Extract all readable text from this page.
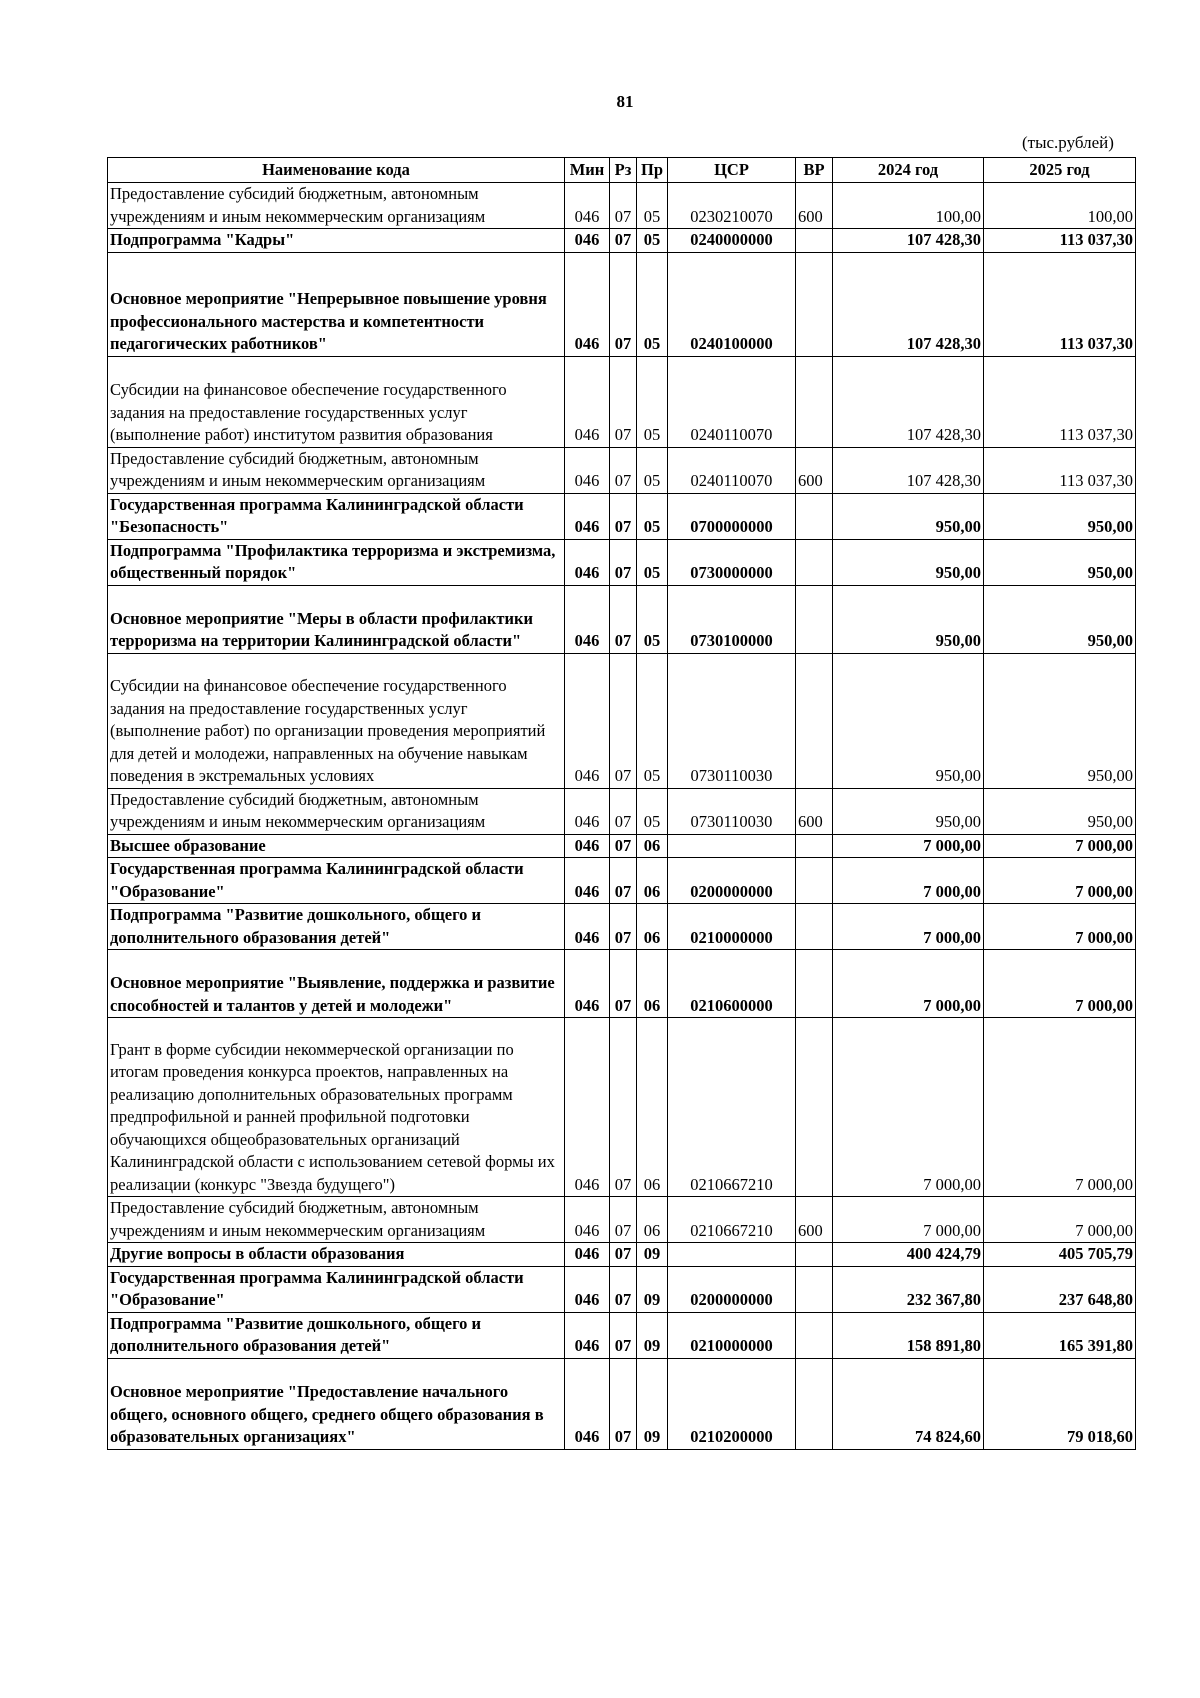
81
(тыс.рублей)
Наименование кода	Мин	Рз	Пр	ЦСР	ВР	2024 год	2025 год
Предоставление субсидий бюджетным, автономным учреждениям и иным некоммерческим организациям	046	07	05	0230210070	600	100,00	100,00
Подпрограмма "Кадры"	046	07	05	0240000000		107 428,30	113 037,30
Основное мероприятие "Непрерывное повышение уровня профессионального мастерства и компетентности педагогических работников"	046	07	05	0240100000		107 428,30	113 037,30
Субсидии на финансовое обеспечение государственного задания на предоставление государственных услуг (выполнение работ) институтом развития образования	046	07	05	0240110070		107 428,30	113 037,30
Предоставление субсидий бюджетным, автономным учреждениям и иным некоммерческим организациям	046	07	05	0240110070	600	107 428,30	113 037,30
Государственная программа Калининградской области "Безопасность"	046	07	05	0700000000		950,00	950,00
Подпрограмма "Профилактика терроризма и экстремизма, общественный порядок"	046	07	05	0730000000		950,00	950,00
Основное мероприятие "Меры в области профилактики терроризма на территории Калининградской области"	046	07	05	0730100000		950,00	950,00
Субсидии на финансовое обеспечение государственного задания на предоставление государственных услуг (выполнение работ) по организации проведения мероприятий для детей и молодежи, направленных на обучение навыкам поведения в экстремальных условиях	046	07	05	0730110030		950,00	950,00
Предоставление субсидий бюджетным, автономным учреждениям и иным некоммерческим организациям	046	07	05	0730110030	600	950,00	950,00
Высшее образование	046	07	06			7 000,00	7 000,00
Государственная программа Калининградской области "Образование"	046	07	06	0200000000		7 000,00	7 000,00
Подпрограмма "Развитие дошкольного, общего и дополнительного образования детей"	046	07	06	0210000000		7 000,00	7 000,00
Основное мероприятие "Выявление, поддержка и развитие способностей и талантов у детей и молодежи"	046	07	06	0210600000		7 000,00	7 000,00
Грант в форме субсидии некоммерческой организации по итогам проведения конкурса проектов, направленных на реализацию дополнительных образовательных программ предпрофильной и ранней профильной подготовки обучающихся общеобразовательных организаций Калининградской области с использованием сетевой формы их реализации (конкурс "Звезда будущего")	046	07	06	0210667210		7 000,00	7 000,00
Предоставление субсидий бюджетным, автономным учреждениям и иным некоммерческим организациям	046	07	06	0210667210	600	7 000,00	7 000,00
Другие вопросы в области образования	046	07	09			400 424,79	405 705,79
Государственная программа Калининградской области "Образование"	046	07	09	0200000000		232 367,80	237 648,80
Подпрограмма "Развитие дошкольного, общего и дополнительного образования детей"	046	07	09	0210000000		158 891,80	165 391,80
Основное мероприятие "Предоставление начального общего, основного общего, среднего общего образования в образовательных организациях"	046	07	09	0210200000		74 824,60	79 018,60
